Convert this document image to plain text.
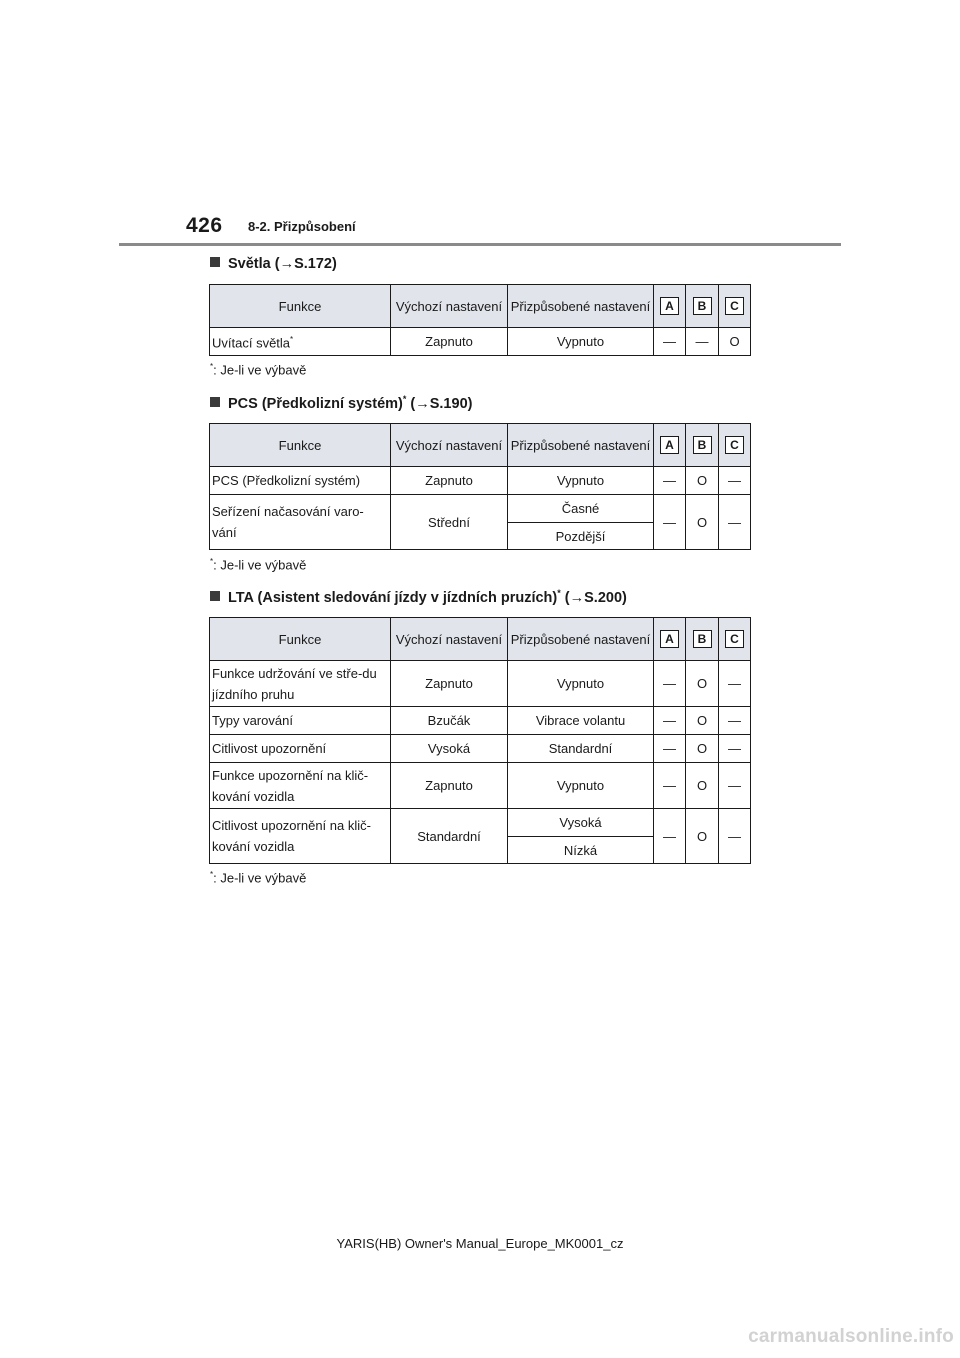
426 8-2. Přizpůsobení
Světla (→S.172)
Funkce	Výchozí nastavení	Přizpůsobené nastavení	A	B	C
Uvítací světla*	Zapnuto	Vypnuto	—	—	O
*: Je-li ve výbavě
PCS (Předkolizní systém)* (→S.190)
Funkce	Výchozí nastavení	Přizpůsobené nastavení	A	B	C
PCS (Předkolizní systém)	Zapnuto	Vypnuto	—	O	—
Seřízení načasování varo-vání	Střední	Časné	—	O	—
		Pozdější			
*: Je-li ve výbavě
LTA (Asistent sledování jízdy v jízdních pruzích)* (→S.200)
Funkce	Výchozí nastavení	Přizpůsobené nastavení	A	B	C
Funkce udržování ve stře-du jízdního pruhu	Zapnuto	Vypnuto	—	O	—
Typy varování	Bzučák	Vibrace volantu	—	O	—
Citlivost upozornění	Vysoká	Standardní	—	O	—
Funkce upozornění na klič-kování vozidla	Zapnuto	Vypnuto	—	O	—
Citlivost upozornění na klič-kování vozidla	Standardní	Vysoká	—	O	—
		Nízká			
*: Je-li ve výbavě
YARIS(HB) Owner's Manual_Europe_MK0001_cz
carmanualsonline.info
